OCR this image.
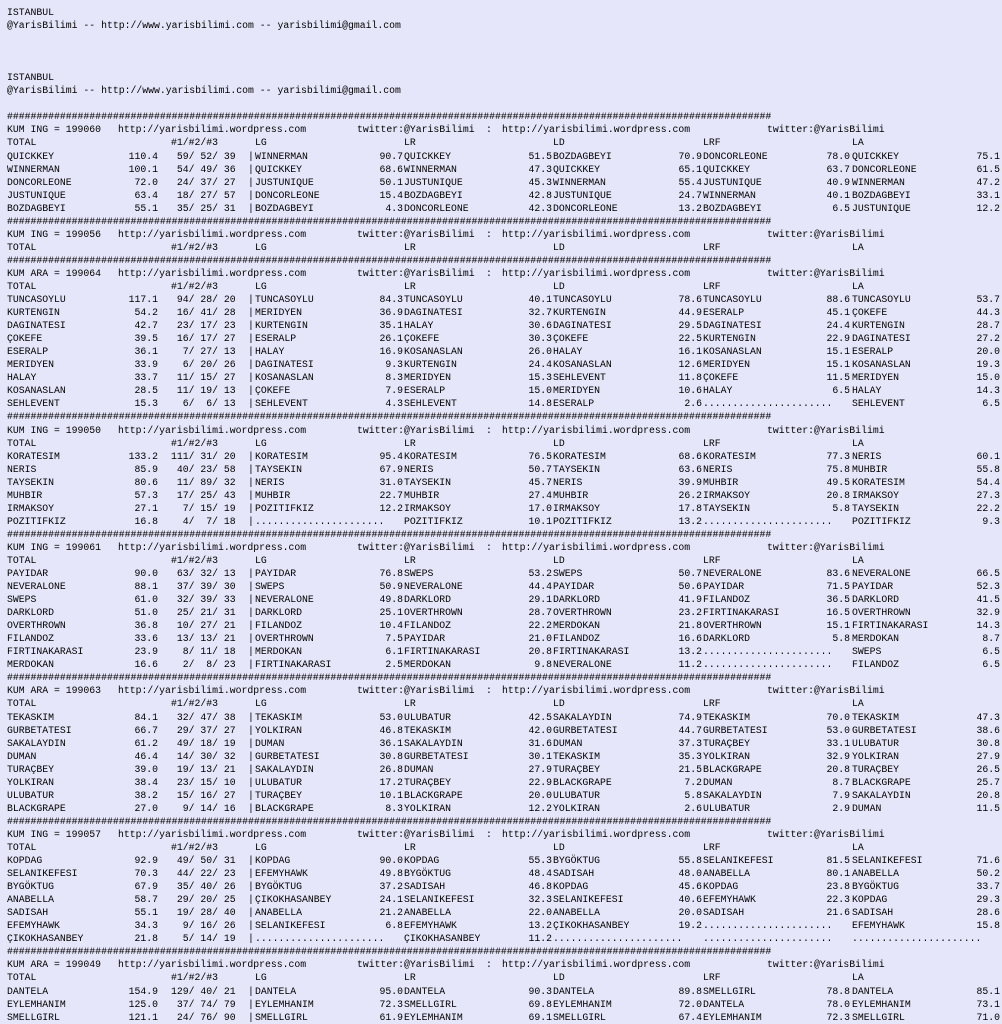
ISTANBUL
@YarisBilimi -- http://www.yarisbilimi.com -- yarisbilimi@gmail.com
ISTANBUL
@YarisBilimi -- http://www.yarisbilimi.com -- yarisbilimi@gmail.com
##################################################################################################################################
KUM ING = 199060 http://yarisbilimi.wordpress.com	twitter:@YarisBilimi : http://yarisbilimi.wordpress.com	twitter:@YarisBilimi
TOTAL	#1/#2/#3	LG	LR	LD	LRF	LA
QUICKKEY	110.4 59/ 52/ 39 | WINNERMAN	90.7 QUICKKEY	51.5 BOZDAGBEYI	70.9 DONCORLEONE	78.0 QUICKKEY	75.1
WINNERMAN	100.1 54/ 49/ 36 | QUICKKEY	68.6 WINNERMAN	47.3 QUICKKEY	65.1 QUICKKEY	63.7 DONCORLEONE	61.5
DONCORLEONE	72.0 24/ 37/ 27 | JUSTUNIQUE	50.1 JUSTUNIQUE	45.3 WINNERMAN	55.4 JUSTUNIQUE	40.9 WINNERMAN	47.2
JUSTUNIQUE	63.4 18/ 27/ 57 | DONCORLEONE	15.4 BOZDAGBEYI	42.8 JUSTUNIQUE	24.7 WINNERMAN	40.1 BOZDAGBEYI	33.1
BOZDAGBEYI	55.1 35/ 25/ 31 | BOZDAGBEYI	4.3 DONCORLEONE	42.3 DONCORLEONE	13.2 BOZDAGBEYI	6.5 JUSTUNIQUE	12.2
##################################################################################################################################
KUM ING = 199056 http://yarisbilimi.wordpress.com	twitter:@YarisBilimi : http://yarisbilimi.wordpress.com	twitter:@YarisBilimi
TOTAL	#1/#2/#3	LG	LR	LD	LRF	LA
##################################################################################################################################
KUM ARA = 199064 http://yarisbilimi.wordpress.com	twitter:@YarisBilimi : http://yarisbilimi.wordpress.com	twitter:@YarisBilimi
TOTAL	#1/#2/#3	LG	LR	LD	LRF	LA
TUNCASOYLU	117.1 94/ 28/ 20 | TUNCASOYLU	84.3 TUNCASOYLU	40.1 TUNCASOYLU	78.6 TUNCASOYLU	88.6 TUNCASOYLU	53.7
KURTENGIN	54.2 16/ 41/ 28 | MERIDYEN	36.9 DAGINATESI	32.7 KURTENGIN	44.9 ESERALP	45.1 ÇOKEFE	44.3
DAGINATESI	42.7 23/ 17/ 23 | KURTENGIN	35.1 HALAY	30.6 DAGINATESI	29.5 DAGINATESI	24.4 KURTENGIN	28.7
ÇOKEFE	39.5 16/ 17/ 27 | ESERALP	26.1 ÇOKEFE	30.3 ÇOKEFE	22.5 KURTENGIN	22.9 DAGINATESI	27.2
ESERALP	36.1 7/ 27/ 13 | HALAY	16.9 KOSANASLAN	26.0 HALAY	16.1 KOSANASLAN	15.1 ESERALP	20.0
MERIDYEN	33.9 6/ 20/ 26 | DAGINATESI	9.3 KURTENGIN	24.4 KOSANASLAN	12.6 MERIDYEN	15.1 KOSANASLAN	19.3
HALAY	33.7 11/ 15/ 27 | KOSANASLAN	8.3 MERIDYEN	15.3 SEHLEVENT	11.8 ÇOKEFE	11.5 MERIDYEN	15.0
KOSANASLAN	28.5 11/ 19/ 13 | ÇOKEFE	7.9 ESERALP	15.0 MERIDYEN	10.6 HALAY	6.5 HALAY	14.3
SEHLEVENT	15.3 6/  6/ 13 | SEHLEVENT	4.3 SEHLEVENT	14.8 ESERALP	2.6 ...................... SEHLEVENT	6.5
##################################################################################################################################
KUM ING = 199050 http://yarisbilimi.wordpress.com	twitter:@YarisBilimi : http://yarisbilimi.wordpress.com	twitter:@YarisBilimi
TOTAL	#1/#2/#3	LG	LR	LD	LRF	LA
KORATESIM	133.2 111/ 31/ 20 | KORATESIM	95.4 KORATESIM	76.5 KORATESIM	68.6 KORATESIM	77.3 NERIS	60.1
NERIS	85.9 40/ 23/ 58 | TAYSEKIN	67.9 NERIS	50.7 TAYSEKIN	63.6 NERIS	75.8 MUHBIR	55.8
TAYSEKIN	80.6 11/ 89/ 32 | NERIS	31.0 TAYSEKIN	45.7 NERIS	39.9 MUHBIR	49.5 KORATESIM	54.4
MUHBIR	57.3 17/ 25/ 43 | MUHBIR	22.7 MUHBIR	27.4 MUHBIR	26.2 IRMAKSOY	20.8 IRMAKSOY	27.3
IRMAKSOY	27.1 7/ 15/ 19 | POZITIFKIZ	12.2 IRMAKSOY	17.0 IRMAKSOY	17.8 TAYSEKIN	5.8 TAYSEKIN	22.2
POZITIFKIZ	16.8 4/  7/ 18 | ...................... POZITIFKIZ	10.1 POZITIFKIZ	13.2 ...................... POZITIFKIZ	9.3
##################################################################################################################################
KUM ING = 199061 http://yarisbilimi.wordpress.com	twitter:@YarisBilimi : http://yarisbilimi.wordpress.com	twitter:@YarisBilimi
TOTAL	#1/#2/#3	LG	LR	LD	LRF	LA
PAYIDAR	90.0 63/ 32/ 13 | PAYIDAR	76.8 SWEPS	53.2 SWEPS	50.7 NEVERALONE	83.6 NEVERALONE	66.5
NEVERALONE	88.1 37/ 39/ 30 | SWEPS	50.9 NEVERALONE	44.4 PAYIDAR	50.6 PAYIDAR	71.5 PAYIDAR	52.3
SWEPS	61.0 32/ 39/ 33 | NEVERALONE	49.8 DARKLORD	29.1 DARKLORD	41.9 FILANDOZ	36.5 DARKLORD	41.5
DARKLORD	51.0 25/ 21/ 31 | DARKLORD	25.1 OVERTHROWN	28.7 OVERTHROWN	23.2 FIRTINAKARASI	16.5 OVERTHROWN	32.9
OVERTHROWN	36.8 10/ 27/ 21 | FILANDOZ	10.4 FILANDOZ	22.2 MERDOKAN	21.8 OVERTHROWN	15.1 FIRTINAKARASI	14.3
FILANDOZ	33.6 13/ 13/ 21 | OVERTHROWN	7.5 PAYIDAR	21.0 FILANDOZ	16.6 DARKLORD	5.8 MERDOKAN	8.7
FIRTINAKARASI	23.9 8/ 11/ 18 | MERDOKAN	6.1 FIRTINAKARASI	20.8 FIRTINAKARASI	13.2 ...................... SWEPS	6.5
MERDOKAN	16.6 2/  8/ 23 | FIRTINAKARASI	2.5 MERDOKAN	9.8 NEVERALONE	11.2 ...................... FILANDOZ	6.5
##################################################################################################################################
KUM ARA = 199063 http://yarisbilimi.wordpress.com	twitter:@YarisBilimi : http://yarisbilimi.wordpress.com	twitter:@YarisBilimi
TOTAL	#1/#2/#3	LG	LR	LD	LRF	LA
TEKASKIM	84.1 32/ 47/ 38 | TEKASKIM	53.0 ULUBATUR	42.5 SAKALAYDIN	74.9 TEKASKIM	70.0 TEKASKIM	47.3
GURBETATESI	66.7 29/ 37/ 27 | YOLKIRAN	46.8 TEKASKIM	42.0 GURBETATESI	44.7 GURBETATESI	53.0 GURBETATESI	38.6
SAKALAYDIN	61.2 49/ 18/ 19 | DUMAN	36.1 SAKALAYDIN	31.6 DUMAN	37.3 TURAÇBEY	33.1 ULUBATUR	30.8
DUMAN	46.4 14/ 30/ 32 | GURBETATESI	30.8 GURBETATESI	30.1 TEKASKIM	35.3 YOLKIRAN	32.9 YOLKIRAN	27.9
TURAÇBEY	39.0 19/ 13/ 21 | SAKALAYDIN	26.8 DUMAN	27.9 TURAÇBEY	21.5 BLACKGRAPE	20.8 TURAÇBEY	26.5
YOLKIRAN	38.4 23/ 15/ 10 | ULUBATUR	17.2 TURAÇBEY	22.9 BLACKGRAPE	7.2 DUMAN	8.7 BLACKGRAPE	25.7
ULUBATUR	38.2 15/ 16/ 27 | TURAÇBEY	10.1 BLACKGRAPE	20.0 ULUBATUR	5.8 SAKALAYDIN	7.9 SAKALAYDIN	20.8
BLACKGRAPE	27.0 9/ 14/ 16 | BLACKGRAPE	8.3 YOLKIRAN	12.2 YOLKIRAN	2.6 ULUBATUR	2.9 DUMAN	11.5
##################################################################################################################################
KUM ING = 199057 http://yarisbilimi.wordpress.com	twitter:@YarisBilimi : http://yarisbilimi.wordpress.com	twitter:@YarisBilimi
TOTAL	#1/#2/#3	LG	LR	LD	LRF	LA
KOPDAG	92.9 49/ 50/ 31 | KOPDAG	90.0 KOPDAG	55.3 BYGÖKTUG	55.8 SELANIKEFESI	81.5 SELANIKEFESI	71.6
SELANIKEFESI	70.3 44/ 22/ 23 | EFEMYHAWK	49.8 BYGÖKTUG	48.4 SADISAH	48.0 ANABELLA	80.1 ANABELLA	50.2
BYGÖKTUG	67.9 35/ 40/ 26 | BYGÖKTUG	37.2 SADISAH	46.8 KOPDAG	45.6 KOPDAG	23.8 BYGÖKTUG	33.7
ANABELLA	58.7 29/ 20/ 25 | ÇIKOKHASANBEY	24.1 SELANIKEFESI	32.3 SELANIKEFESI	40.6 EFEMYHAWK	22.3 KOPDAG	29.3
SADISAH	55.1 19/ 28/ 40 | ANABELLA	21.2 ANABELLA	22.0 ANABELLA	20.0 SADISAH	21.6 SADISAH	28.6
EFEMYHAWK	34.3 9/ 16/ 26 | SELANIKEFESI	6.8 EFEMYHAWK	13.2 ÇIKOKHASANBEY	19.2 ...................... EFEMYHAWK	15.8
ÇIKOKHASANBEY	21.8 5/ 14/ 19 | ...................... ÇIKOKHASANBEY	11.2 ...................... ...................... ......................
##################################################################################################################################
KUM ARA = 199049 http://yarisbilimi.wordpress.com	twitter:@YarisBilimi : http://yarisbilimi.wordpress.com	twitter:@YarisBilimi
TOTAL	#1/#2/#3	LG	LR	LD	LRF	LA
DANTELA	154.9 129/ 40/ 21 | DANTELA	95.0 DANTELA	90.3 DANTELA	89.8 SMELLGIRL	78.8 DANTELA	85.1
EYLEMHANIM	125.0 37/ 74/ 79 | EYLEMHANIM	72.3 SMELLGIRL	69.8 EYLEMHANIM	72.0 DANTELA	78.0 EYLEMHANIM	73.1
SMELLGIRL	121.1 24/ 76/ 90 | SMELLGIRL	61.9 EYLEMHANIM	69.1 SMELLGIRL	67.4 EYLEMHANIM	72.3 SMELLGIRL	71.0
